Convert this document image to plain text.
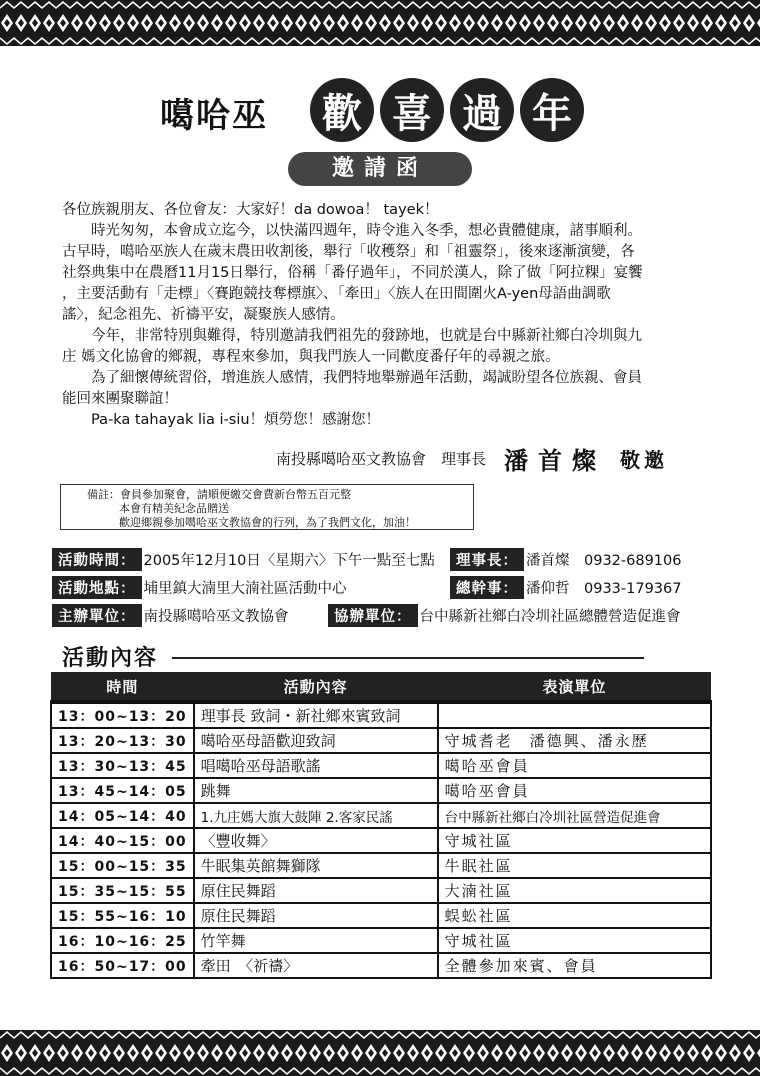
噶哈巫	歡 喜 過 年
邀請函

各位族親朋友、各位會友：大家好！da dowoa！ tayek！

　　時光匆匆，本會成立迄今，以快滿四週年，時令進入冬季，想必貴體健康，諸事順利。

古早時，噶哈巫族人在歲末農田收割後，舉行「收穫祭」和「祖靈祭」，後來逐漸演變，各

社祭典集中在農曆11月15日舉行，俗稱「番仔過年」，不同於漢人，除了做「阿拉粿」宴饗

，主要活動有「走標」〈賽跑競技奪標旗〉、「牽田」〈族人在田間圍火A-yen母語曲調歌

謠〉，紀念祖先、祈禱平安，凝聚族人感情。

　　今年，非常特別與難得，特別邀請我們祖先的發跡地，也就是台中縣新社鄉白冷圳與九

庄 媽文化協會的鄉親，專程來參加，與我門族人一同歡度番仔年的尋親之旅。

　　為了細懷傳統習俗，增進族人感情，我們特地舉辦過年活動，竭誠盼望各位族親、會員

能回來團聚聯誼！

　　Pa-ka tahayak lia i-siu！煩勞您！感謝您！

南投縣噶哈巫文教協會　理事長 潘首燦 敬邀
備註：會員參加聚會，請順便繳交會費新台幣五百元整
本會有精美紀念品贈送
歡迎鄉親參加噶哈巫文教協會的行列，為了我們文化，加油！
活動時間： 2005年12月10日〈星期六〉下午一點至七點	理事長： 潘首燦　0932-689106
活動地點： 埔里鎮大湳里大湳社區活動中心	總幹事： 潘仰哲　0933-179367
主辦單位： 南投縣噶哈巫文教協會	協辦單位： 台中縣新社鄉白冷圳社區總體營造促進會
活動內容
時間	活動內容	表演單位
13：00~13：20	理事長 致詞・新社鄉來賓致詞	
13：20~13：30	噶哈巫母語歡迎致詞	守城耆老　潘德興、潘永歷
13：30~13：45	唱噶哈巫母語歌謠	噶哈巫會員
13：45~14：05	跳舞	噶哈巫會員
14：05~14：40	1.九庄媽大旗大鼓陣 2.客家民謠	台中縣新社鄉白冷圳社區營造促進會
14：40~15：00	〈豐收舞〉	守城社區
15：00~15：35	牛眠集英館舞獅隊	牛眠社區
15：35~15：55	原住民舞蹈	大湳社區
15：55~16：10	原住民舞蹈	蜈蚣社區
16：10~16：25	竹竿舞	守城社區
16：50~17：00	牽田　〈祈禱〉	全體參加來賓、會員
